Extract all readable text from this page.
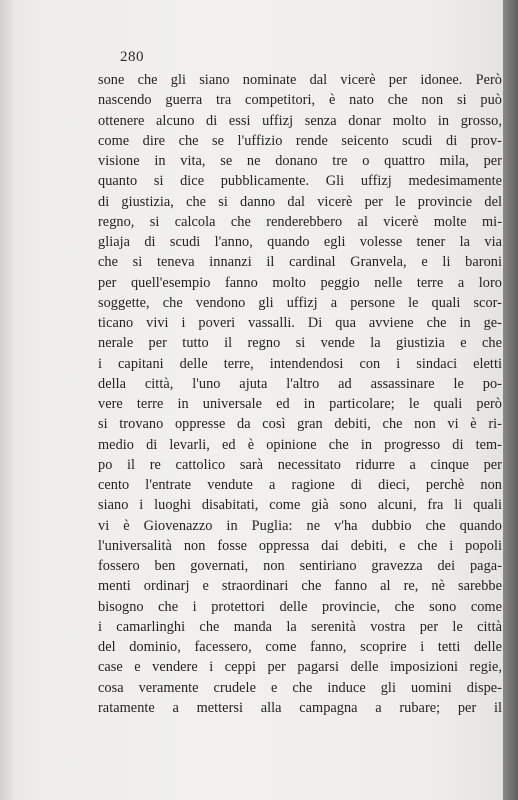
280
sone che gli siano nominate dal vicerè per idonee. Però
nascendo guerra tra competitori, è nato che non si può
ottenere alcuno di essi uffizj senza donar molto in grosso,
come dire che se l'uffizio rende seicento scudi di prov-
visione in vita, se ne donano tre o quattro mila, per
quanto si dice pubblicamente. Gli uffizj medesimamente
di giustizia, che si danno dal vicerè per le provincie del
regno, si calcola che renderebbero al vicerè molte mi-
gliaja di scudi l'anno, quando egli volesse tener la via
che si teneva innanzi il cardinal Granvela, e li baroni
per quell'esempio fanno molto peggio nelle terre a loro
soggette, che vendono gli uffizj a persone le quali scor-
ticano vivi i poveri vassalli. Di qua avviene che in ge-
nerale per tutto il regno si vende la giustizia e che
i capitani delle terre, intendendosi con i sindaci eletti
della città, l'uno ajuta l'altro ad assassinare le po-
vere terre in universale ed in particolare; le quali però
si trovano oppresse da così gran debiti, che non vi è ri-
medio di levarli, ed è opinione che in progresso di tem-
po il re cattolico sarà necessitato ridurre a cinque per
cento l'entrate vendute a ragione di dieci, perchè non
siano i luoghi disabitati, come già sono alcuni, fra li quali
vi è Giovenazzo in Puglia: ne v'ha dubbio che quando
l'universalità non fosse oppressa dai debiti, e che i popoli
fossero ben governati, non sentiriano gravezza dei paga-
menti ordinarj e straordinari che fanno al re, nè sarebbe
bisogno che i protettori delle provincie, che sono come
i camarlinghi che manda la serenità vostra per le città
del dominio, facessero, come fanno, scoprire i tetti delle
case e vendere i ceppi per pagarsi delle imposizioni regie,
cosa veramente crudele e che induce gli uomini dispe-
ratamente a mettersi alla campagna a rubare; per il
